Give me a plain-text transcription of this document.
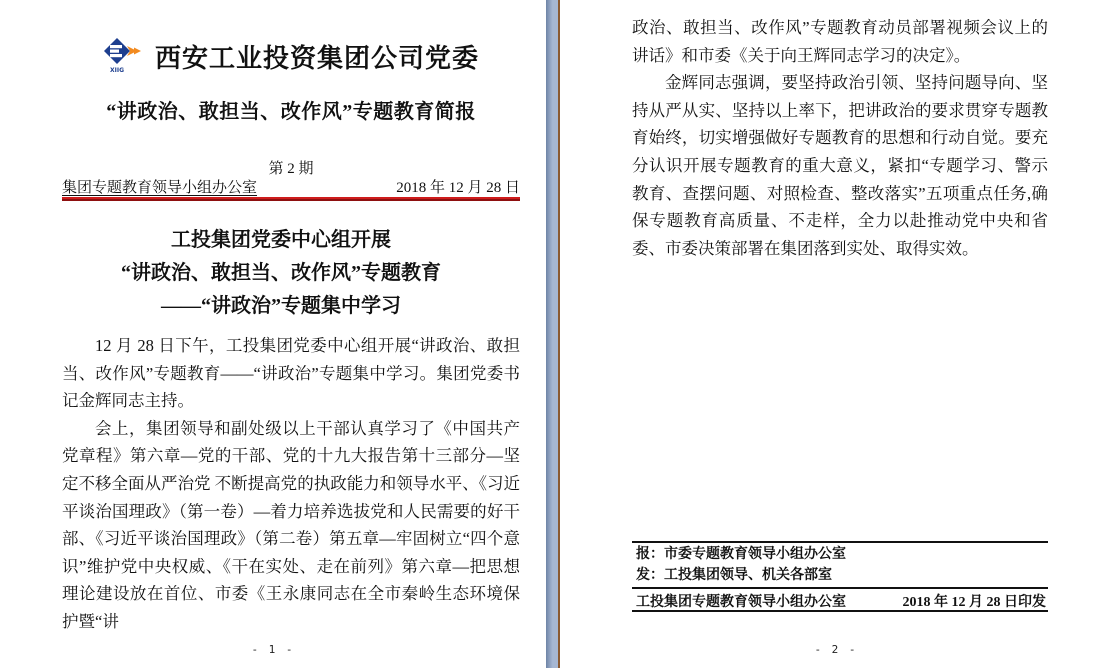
XIIG 西安工业投资集团公司党委
“讲政治、敢担当、改作风”专题教育简报
第 2 期
集团专题教育领导小组办公室	2018 年 12 月 28 日
工投集团党委中心组开展
“讲政治、敢担当、改作风”专题教育
——“讲政治”专题集中学习

12 月 28 日下午，工投集团党委中心组开展“讲政治、敢担当、改作风”专题教育——“讲政治”专题集中学习。集团党委书记金辉同志主持。

会上，集团领导和副处级以上干部认真学习了《中国共产党章程》第六章—党的干部、党的十九大报告第十三部分—坚定不移全面从严治党 不断提高党的执政能力和领导水平、《习近平谈治国理政》（第一卷）—着力培养选拔党和人民需要的好干部、《习近平谈治国理政》（第二卷）第五章—牢固树立“四个意识”维护党中央权威、《干在实处、走在前列》第六章—把思想理论建设放在首位、市委《王永康同志在全市秦岭生态环境保护暨“讲

- 1 -

政治、敢担当、改作风”专题教育动员部署视频会议上的讲话》和市委《关于向王辉同志学习的决定》。

金辉同志强调，要坚持政治引领、坚持问题导向、坚持从严从实、坚持以上率下，把讲政治的要求贯穿专题教育始终，切实增强做好专题教育的思想和行动自觉。要充分认识开展专题教育的重大意义，紧扣“专题学习、警示教育、查摆问题、对照检查、整改落实”五项重点任务,确保专题教育高质量、不走样，全力以赴推动党中央和省委、市委决策部署在集团落到实处、取得实效。

报：市委专题教育领导小组办公室
发：工投集团领导、机关各部室
工投集团专题教育领导小组办公室	2018 年 12 月 28 日印发
- 2 -
